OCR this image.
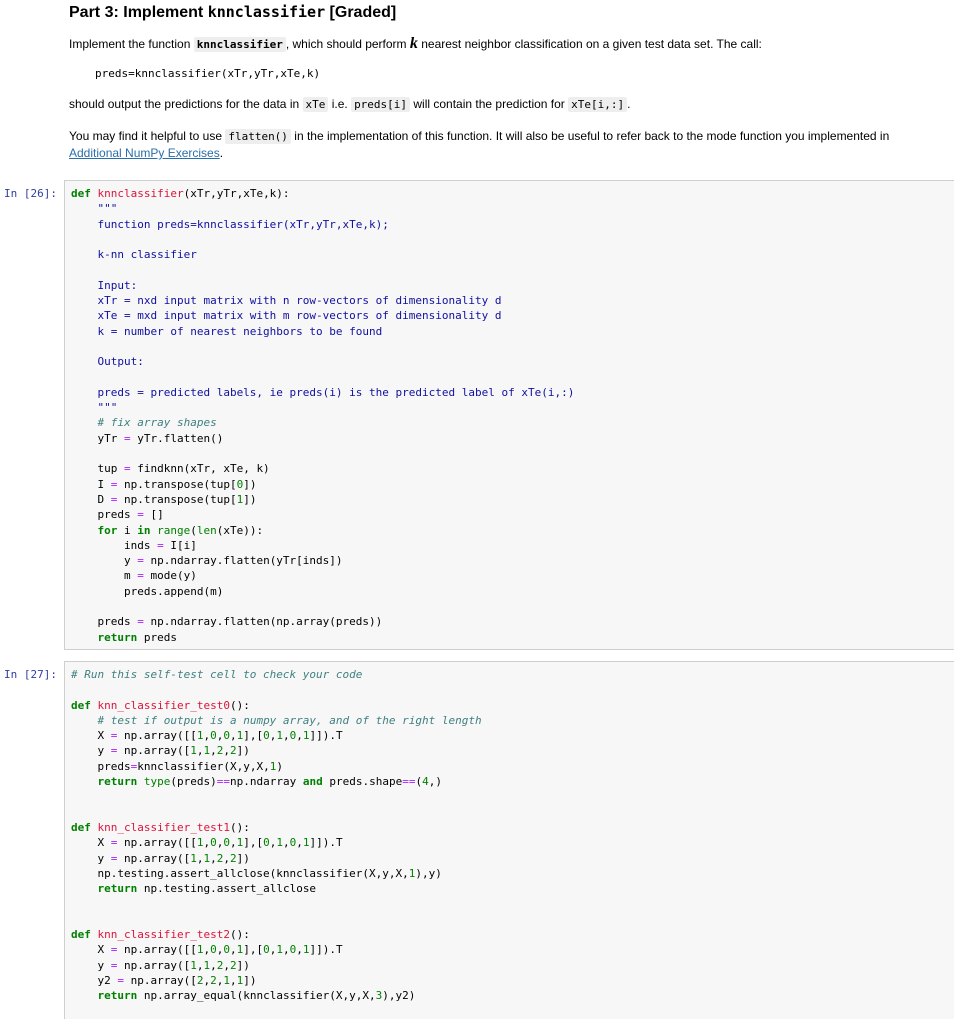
Part 3: Implement knnclassifier [Graded]
Implement the function knnclassifier , which should perform k nearest neighbor classification on a given test data set. The call:
preds=knnclassifier(xTr,yTr,xTe,k)
should output the predictions for the data in xTe i.e. preds[i] will contain the prediction for xTe[i,:] .
You may find it helpful to use flatten() in the implementation of this function. It will also be useful to refer back to the mode function you implemented in
Additional NumPy Exercises.
In [26]:	def knnclassifier(xTr,yTr,xTe,k):
"""
function preds=knnclassifier(xTr,yTr,xTe,k);

k-nn classifier

Input:
xTr = nxd input matrix with n row-vectors of dimensionality d
xTe = mxd input matrix with m row-vectors of dimensionality d
k = number of nearest neighbors to be found

Output:

preds = predicted labels, ie preds(i) is the predicted label of xTe(i,:)
"""
# fix array shapes
yTr = yTr.flatten()

tup = findknn(xTr, xTe, k)
I = np.transpose(tup[0])
D = np.transpose(tup[1])
preds = []
for i in range(len(xTe)):
inds = I[i]
y = np.ndarray.flatten(yTr[inds])
m = mode(y)
preds.append(m)

preds = np.ndarray.flatten(np.array(preds))
return preds
In [27]:	# Run this self-test cell to check your code

def knn_classifier_test0():
# test if output is a numpy array, and of the right length
X = np.array([[1,0,0,1],[0,1,0,1]]).T
y = np.array([1,1,2,2])
preds=knnclassifier(X,y,X,1)
return type(preds)==np.ndarray and preds.shape==(4,)

def knn_classifier_test1():
X = np.array([[1,0,0,1],[0,1,0,1]]).T
y = np.array([1,1,2,2])
np.testing.assert_allclose(knnclassifier(X,y,X,1),y)
return np.testing.assert_allclose

def knn_classifier_test2():
X = np.array([[1,0,0,1],[0,1,0,1]]).T
y = np.array([1,1,2,2])
y2 = np.array([2,2,1,1])
return np.array_equal(knnclassifier(X,y,X,3),y2)
